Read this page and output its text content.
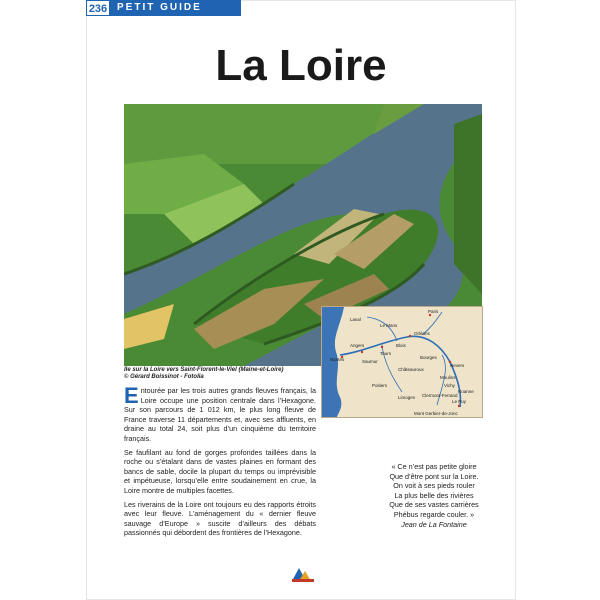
236 PETIT GUIDE
La Loire
Paris
Laval
Le Mans
Orléans
Angers
Tours
Blois
Nantes	Saumur
Bourges
Nevers
Châteauroux
Poitiers
Moulins
Vichy
Limoges Clermont-Ferrand
Roanne
Le Puy
Mont Gerbier-de-Jonc
Ile sur la Loire vers Saint-Florent-le-Viel (Maine-et-Loire)
© Gérard Boissinot - Fotolia

Entourée par les trois autres grands fleuves français, la Loire occupe une position centrale dans l’Hexagone. Sur son parcours de 1 012 km, le plus long fleuve de France traverse 11 départements et, avec ses affluents, en draine au total 24, soit plus d’un cinquième du territoire français.

Se faufilant au fond de gorges profondes taillées dans la roche ou s’étalant dans de vastes plaines en formant des bancs de sable, docile la plupart du temps ou imprévisible et impétueuse, lorsqu’elle entre soudainement en crue, la Loire montre de multiples facettes.

Les riverains de la Loire ont toujours eu des rapports étroits avec leur fleuve. L’aménagement du « dernier fleuve sauvage d’Europe » suscite d’ailleurs des débats passionnés qui débordent des frontières de l’Hexagone.

« Ce n’est pas petite gloire
Que d’être pont sur la Loire.
On voit à ses pieds rouler
La plus belle des rivières
Que de ses vastes carrières
Phébus regarde couler. »
Jean de La Fontaine
